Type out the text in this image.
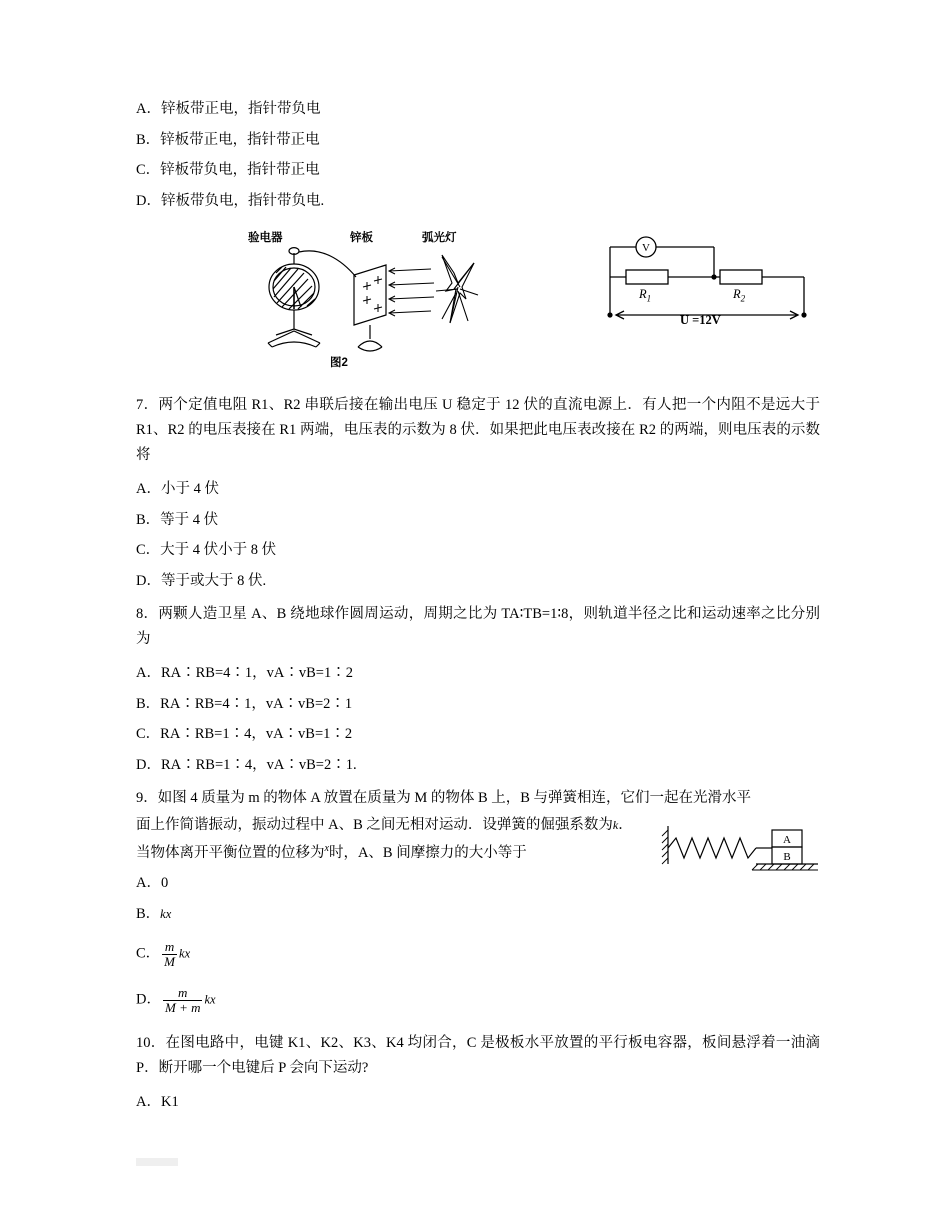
A．锌板带正电，指针带负电
B．锌板带正电，指针带正电
C．锌板带负电，指针带正电
D．锌板带负电，指针带负电.
验电器	锌板	弧光灯
图2
V
$R_1$	$R_2$
U =12V
7．两个定值电阻 R1、R2 串联后接在输出电压 U 稳定于 12 伏的直流电源上．有人把一个内阻不是远大于 R1、R2 的电压表接在 R1 两端，电压表的示数为 8 伏．如果把此电压表改接在 R2 的两端，则电压表的示数将
A．小于 4 伏
B．等于 4 伏
C．大于 4 伏小于 8 伏
D．等于或大于 8 伏.
8．两颗人造卫星 A、B 绕地球作圆周运动，周期之比为 TA∶TB=1∶8，则轨道半径之比和运动速率之比分别为
A．RA∶RB=4∶1，vA∶vB=1∶2
B．RA∶RB=4∶1，vA∶vB=2∶1
C．RA∶RB=1∶4，vA∶vB=1∶2
D．RA∶RB=1∶4，vA∶vB=2∶1.
9．如图 4 质量为 m 的物体 A 放置在质量为 M 的物体 B 上，B 与弹簧相连，它们一起在光滑水平
面上作简谐振动，振动过程中 A、B 之间无相对运动．设弹簧的倔强系数为k．
当物体离开平衡位置的位移为$^x$时，A、B 间摩擦力的大小等于
A
B
A．0
B．kx
C． $\frac{m}{M}$ kx
D． $\frac{m}{M + m}$ kx
10．在图电路中，电键 K1、K2、K3、K4 均闭合，C 是极板水平放置的平行板电容器，板间悬浮着一油滴 P．断开哪一个电键后 P 会向下运动?
A．K1
